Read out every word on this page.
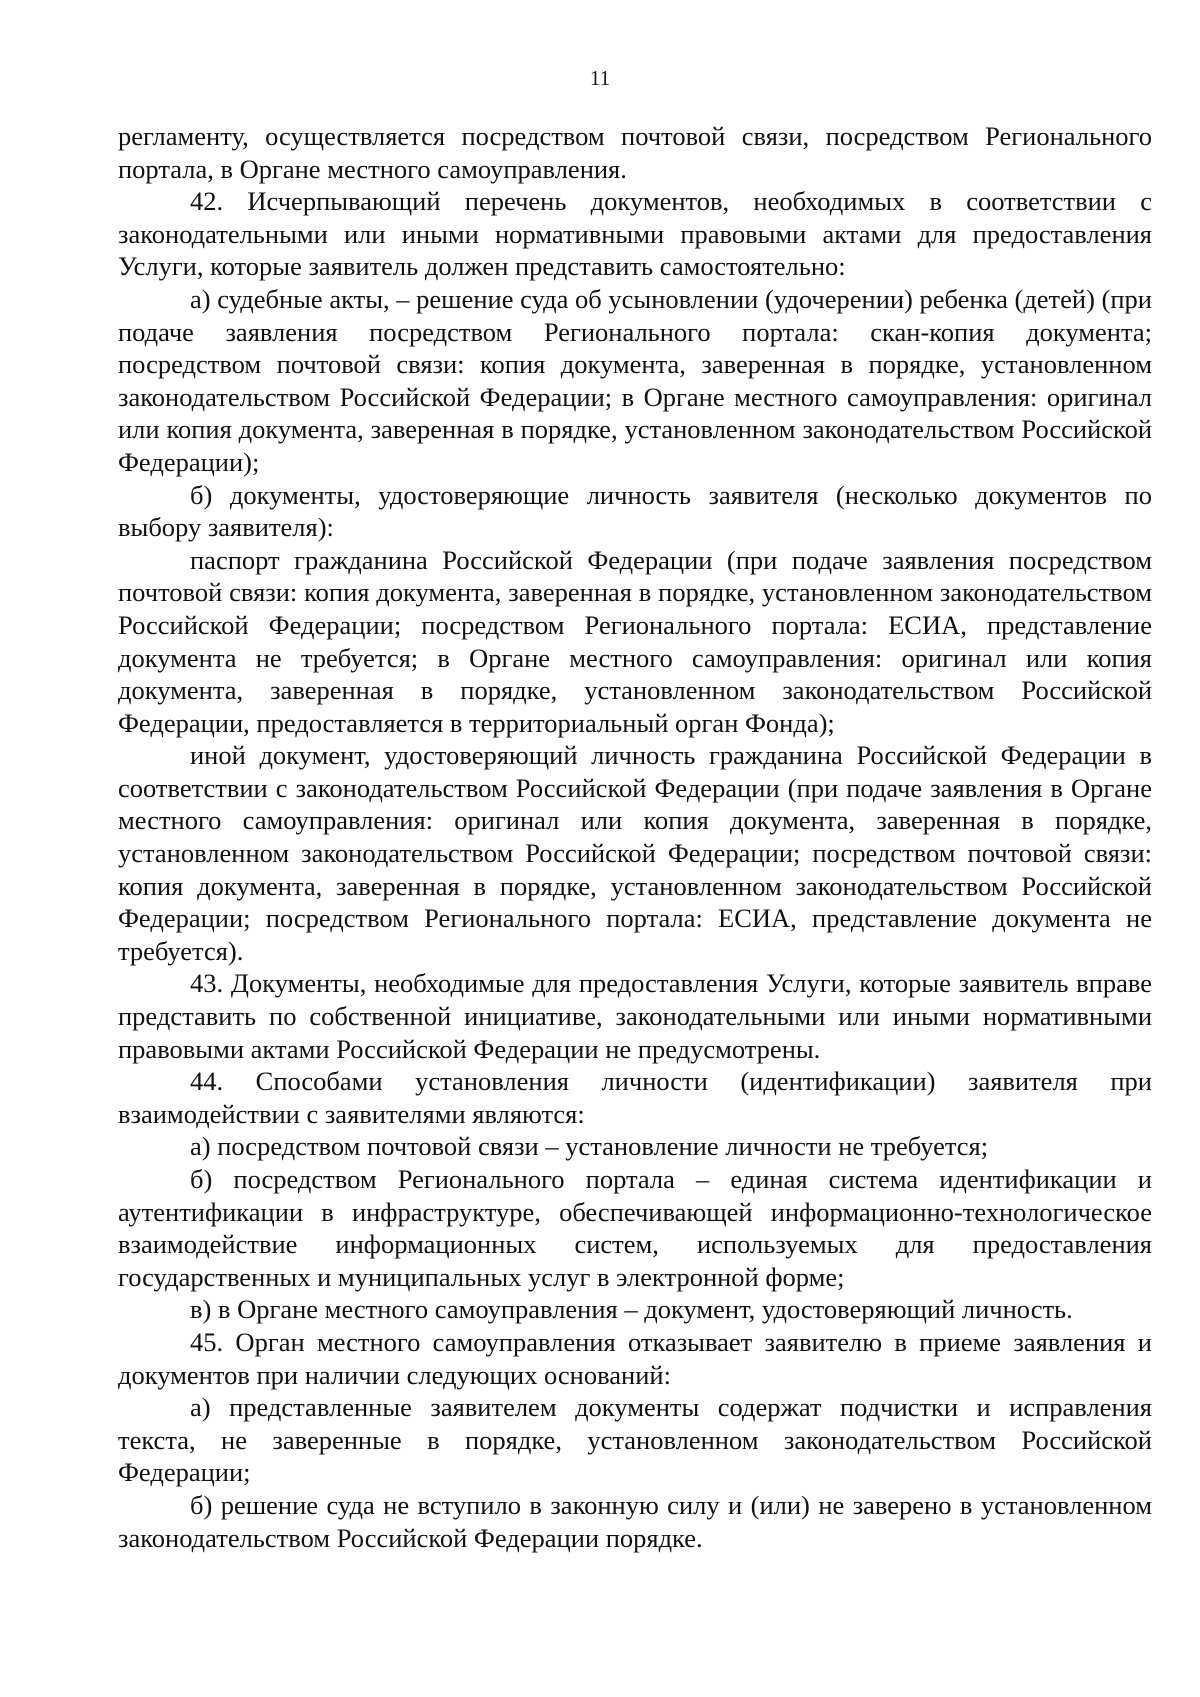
11

регламенту, осуществляется посредством почтовой связи, посредством Регионального портала, в Органе местного самоуправления.

42. Исчерпывающий перечень документов, необходимых в соответствии с законодательными или иными нормативными правовыми актами для предоставления Услуги, которые заявитель должен представить самостоятельно:

а) судебные акты, – решение суда об усыновлении (удочерении) ребенка (детей) (при подаче заявления посредством Регионального портала: скан-копия документа; посредством почтовой связи: копия документа, заверенная в порядке, установленном законодательством Российской Федерации; в Органе местного самоуправления: оригинал или копия документа, заверенная в порядке, установленном законодательством Российской Федерации);

б) документы, удостоверяющие личность заявителя (несколько документов по выбору заявителя):

паспорт гражданина Российской Федерации (при подаче заявления посредством почтовой связи: копия документа, заверенная в порядке, установленном законодательством Российской Федерации; посредством Регионального портала: ЕСИА, представление документа не требуется; в Органе местного самоуправления: оригинал или копия документа, заверенная в порядке, установленном законодательством Российской Федерации, предоставляется в территориальный орган Фонда);

иной документ, удостоверяющий личность гражданина Российской Федерации в соответствии с законодательством Российской Федерации (при подаче заявления в Органе местного самоуправления: оригинал или копия документа, заверенная в порядке, установленном законодательством Российской Федерации; посредством почтовой связи: копия документа, заверенная в порядке, установленном законодательством Российской Федерации; посредством Регионального портала: ЕСИА, представление документа не требуется).

43. Документы, необходимые для предоставления Услуги, которые заявитель вправе представить по собственной инициативе, законодательными или иными нормативными правовыми актами Российской Федерации не предусмотрены.

44. Способами установления личности (идентификации) заявителя при взаимодействии с заявителями являются:

а) посредством почтовой связи – установление личности не требуется;

б) посредством Регионального портала – единая система идентификации и аутентификации в инфраструктуре, обеспечивающей информационно-технологическое взаимодействие информационных систем, используемых для предоставления государственных и муниципальных услуг в электронной форме;

в) в Органе местного самоуправления – документ, удостоверяющий личность.

45. Орган местного самоуправления отказывает заявителю в приеме заявления и документов при наличии следующих оснований:

а) представленные заявителем документы содержат подчистки и исправления текста, не заверенные в порядке, установленном законодательством Российской Федерации;

б) решение суда не вступило в законную силу и (или) не заверено в установленном законодательством Российской Федерации порядке.
